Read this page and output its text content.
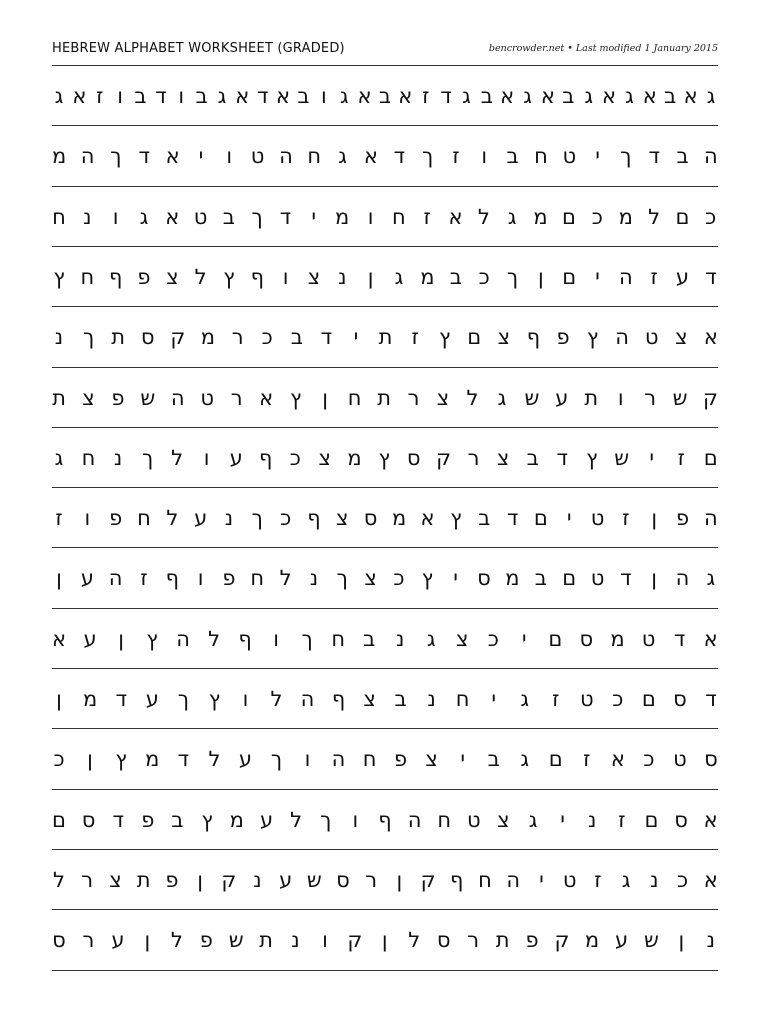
HEBREW ALPHABET WORKSHEET (GRADED)	bencrowder.net • Last modified 1 January 2015
ג
א
ב
א
ג
א
ג
ב
א
ג
א
ב
ג
ד
ז
א
ב
א
ג
ו
ב
א
ד
א
ג
ב
ו
ד
ב
ו
ז
א
ג
ה
ב
ד
ך
י
ט
ח
ב
ו
ז
ך
ד
א
ג
ח
ה
ט
ו
י
א
ד
ך
ה
מ
כ
ם
ל
מ
כ
ם
מ
ג
ל
א
ז
ח
ו
מ
י
ד
ך
ב
ט
א
ג
ו
נ
ח
ד
ע
ז
ה
י
ם
ן
ך
כ
ב
מ
ג
ן
נ
צ
ו
ף
ץ
ל
צ
פ
ף
ח
ץ
א
צ
ט
ה
ץ
פ
ף
צ
ם
ץ
ז
ת
י
ד
ב
כ
ר
מ
ק
ס
ת
ך
נ
ק
ש
ר
ו
ת
ע
ש
ג
ל
צ
ר
ת
ח
ן
ץ
א
ר
ט
ה
ש
פ
צ
ת
ם
ז
י
ש
ץ
ד
ב
צ
ר
ק
ס
ץ
מ
צ
כ
ף
ע
ו
ל
ך
נ
ח
ג
ה
פ
ן
ז
ט
י
ם
ד
ב
ץ
א
מ
ס
צ
ף
כ
ך
נ
ע
ל
ח
פ
ו
ז
ג
ה
ן
ד
ט
ם
ב
מ
ס
י
ץ
כ
צ
ך
נ
ל
ח
פ
ו
ף
ז
ה
ע
ן
א
ד
ט
מ
ס
ם
י
כ
צ
ג
נ
ב
ח
ך
ו
ף
ל
ה
ץ
ן
ע
א
ד
ס
ם
כ
ט
ז
ג
י
ח
נ
ב
צ
ף
ה
ל
ו
ץ
ך
ע
ד
מ
ן
ס
ט
כ
א
ז
ם
ג
ב
י
צ
פ
ח
ה
ו
ך
ע
ל
ד
מ
ץ
ן
כ
א
ס
ם
ז
נ
י
ג
צ
ט
ח
ה
ף
ו
ך
ל
ע
מ
ץ
ב
פ
ד
ס
ם
א
כ
נ
ג
ז
ט
י
ה
ח
ף
ק
ן
ר
ס
ש
ע
נ
ק
ן
פ
ת
צ
ר
ל
נ
ן
ש
ע
מ
ק
פ
ת
ר
ס
ל
ן
ק
ו
נ
ת
ש
פ
ל
ן
ע
ר
ס
